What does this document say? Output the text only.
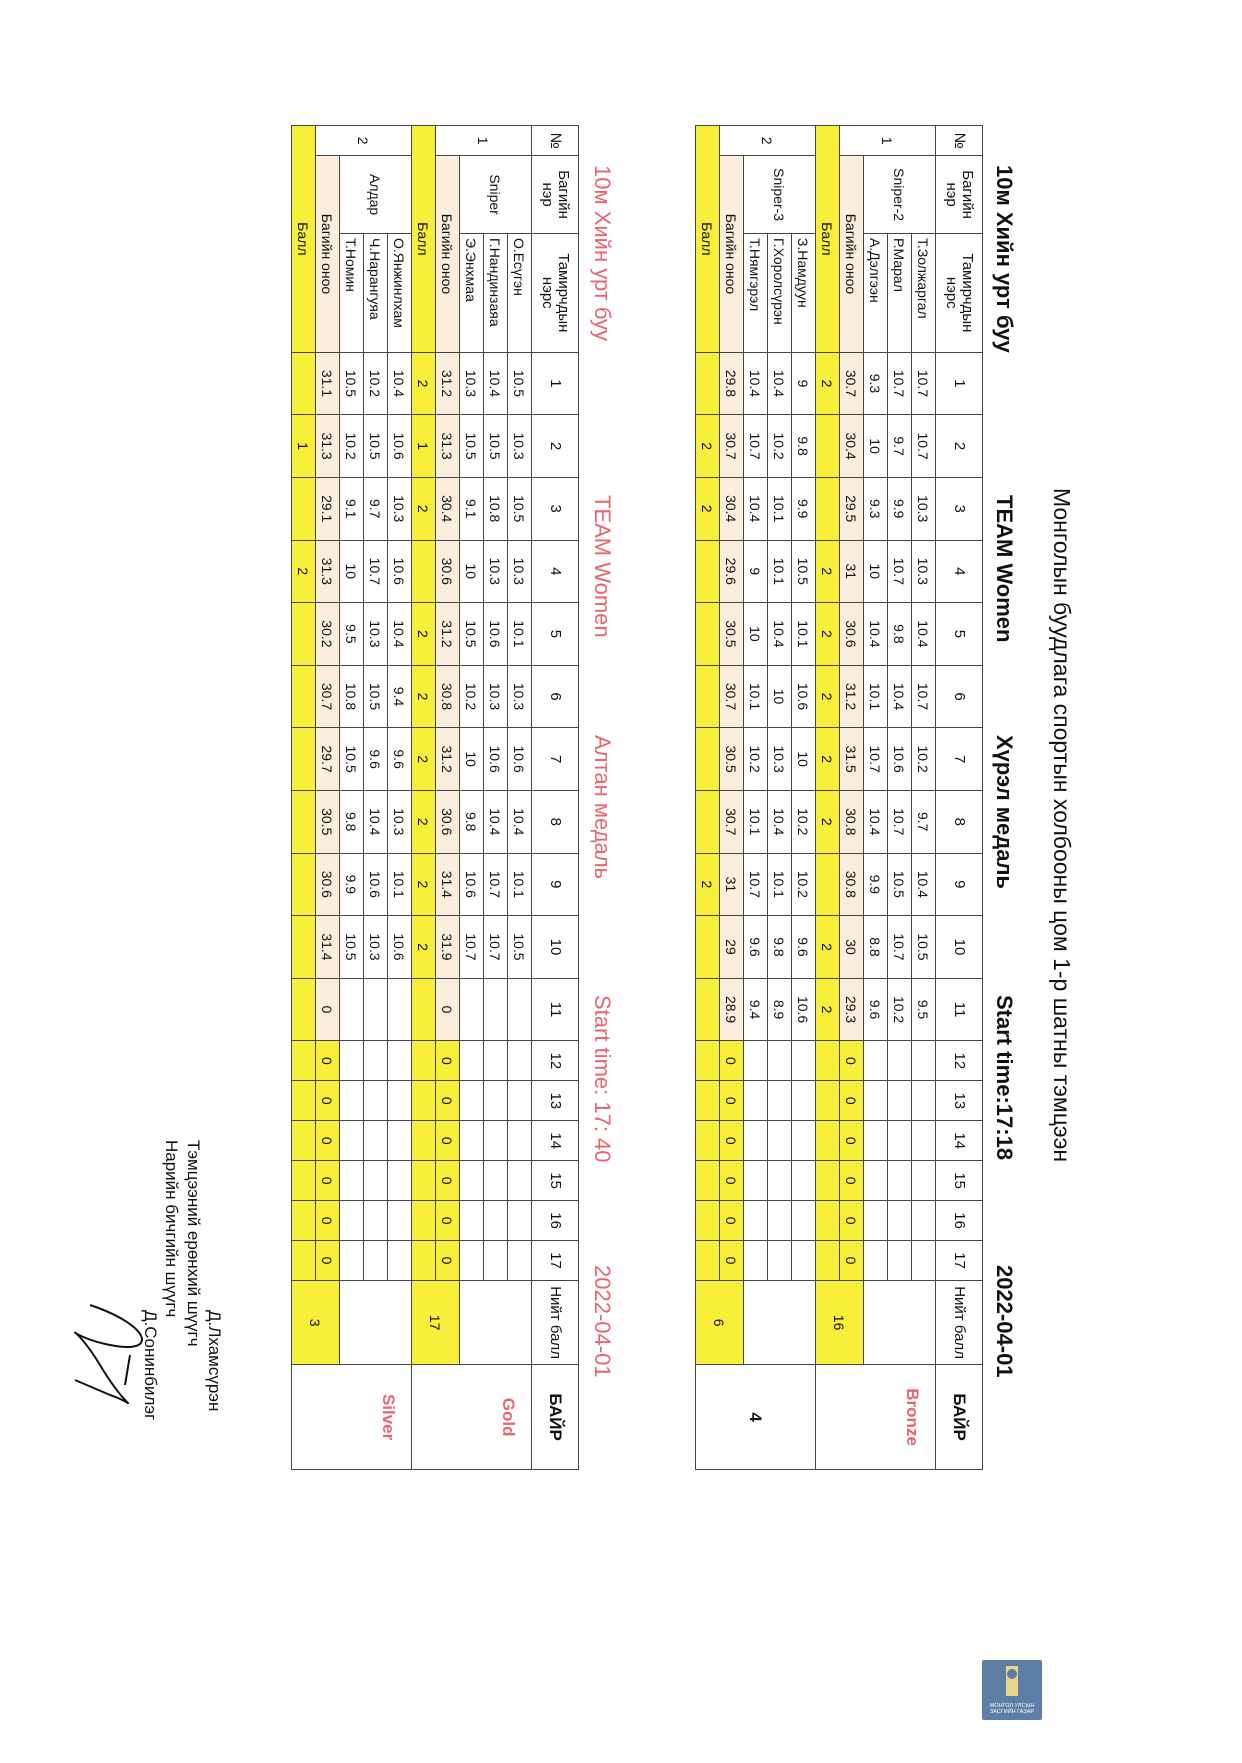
Монголын буудлага спортын холбооны цом 1-р шатны тэмцээн
10м Хийн урт буу
TEAM Women
Хүрэл медаль
Start time:17:18
2022-04-01
№	Багийн нэр	Тамирчдын нэрс	1	2	3	4	5	6	7	8	9	10	11	12	13	14	15	16	17	Нийт балл	БАЙР
1	Sniper-2	Т.Золжаргал	10.7	10.7	10.3	10.3	10.4	10.7	10.2	9.7	10.4	10.5	9.5								Bronze
		Р.Марал	10.7	9.7	9.9	10.7	9.8	10.4	10.6	10.7	10.5	10.7	10.2								
		А.Дэлгээн	9.3	10	9.3	10	10.4	10.1	10.7	10.4	9.9	8.8	9.6								
	Багийн оноо		30.7	30.4	29.5	31	30.6	31.2	31.5	30.8	30.8	30	29.3	0	0	0	0	0	0	16	
Балл			2			2	2	2	2	2		2	2								
2	Sniper-3	З.Намдуун	9	9.8	9.9	10.5	10.1	10.6	10	10.2	10.2	9.6	10.6								4
		Г.Хоролсүрэн	10.4	10.2	10.1	10.1	10.4	10	10.3	10.4	10.1	9.8	8.9								
		Т.Нямгэрэл	10.4	10.7	10.4	9	10	10.1	10.2	10.1	10.7	9.6	9.4								
	Багийн оноо		29.8	30.7	30.4	29.6	30.5	30.7	30.5	30.7	31	29	28.9	0	0	0	0	0	0	6	
Балл				2	2						2										
10м Хийн урт буу
TEAM Women
Алтан медаль
Start time: 17: 40
2022-04-01
№	Багийн нэр	Тамирчдын нэрс	1	2	3	4	5	6	7	8	9	10	11	12	13	14	15	16	17	Нийт балл	БАЙР
1	Sniper	О.Есүгэн	10.5	10.3	10.5	10.3	10.1	10.3	10.6	10.4	10.1	10.5									Gold
		Г.Нандинзаяа	10.4	10.5	10.8	10.3	10.6	10.3	10.6	10.4	10.7	10.7									
		Э.Энхмаа	10.3	10.5	9.1	10	10.5	10.2	10	9.8	10.6	10.7									
	Багийн оноо		31.2	31.3	30.4	30.6	31.2	30.8	31.2	30.6	31.4	31.9	0	0	0	0	0	0	0	17	
Балл			2	1	2		2	2	2	2	2	2									
2	Алдар	О.Янжинлхам	10.4	10.6	10.3	10.6	10.4	9.4	9.6	10.3	10.1	10.6									Silver
		Ч.Нарангуяа	10.2	10.5	9.7	10.7	10.3	10.5	9.6	10.4	10.6	10.3									
		Т.Номин	10.5	10.2	9.1	10	9.5	10.8	10.5	9.8	9.9	10.5									
	Багийн оноо		31.1	31.3	29.1	31.3	30.2	30.7	29.7	30.5	30.6	31.4	0	0	0	0	0	0	0	3	
Балл				1		2															
Д.Лхамсүрэн
Тэмцээний ерөнхий шүүгч
Нарийн бичгийн шүүгч
Д.Сонинбилэг
МОНГОЛ УЛСЫН ЗАСГИЙН ГАЗАР
